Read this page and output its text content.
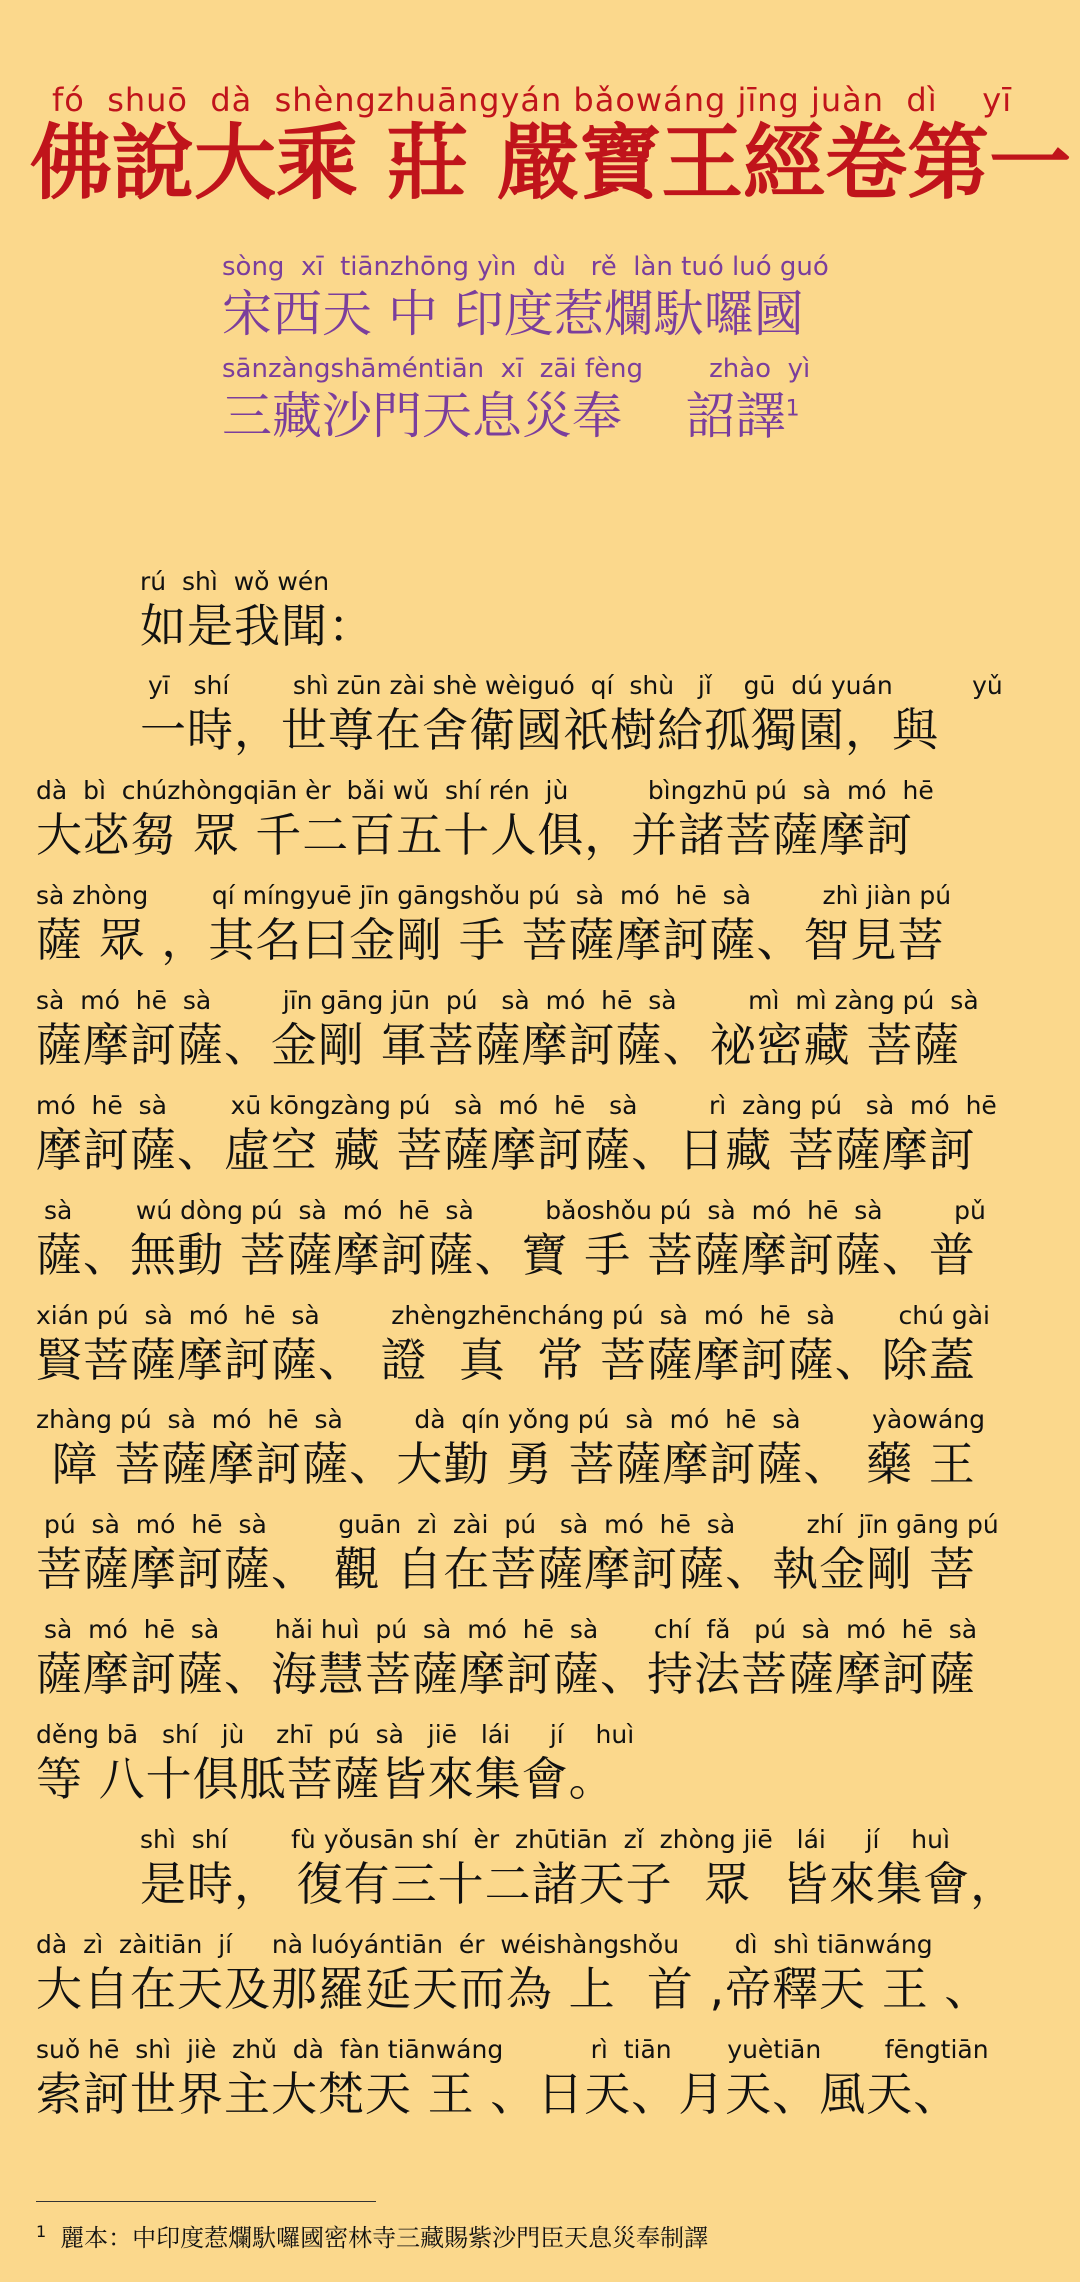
fó  shuō  dà  shèngzhuāngyán bǎowáng jīng juàn  dì    yī
佛說大乘 莊 嚴寶王經卷第一
sòng  xī  tiānzhōng yìn  dù   rě  làn tuó luó guó
宋西天 中 印度惹爛馱囉國
sānzàngshāméntiān  xī  zāi fèng        zhào  yì
三藏沙門天息災奉    詔譯$^1$
rú  shì  wǒ wén
如是我聞：
yī   shí        shì zūn zài shè wèiguó  qí  shù   jǐ    gū  dú yuán          yǔ
一時，世尊在舍衛國祇樹給孤獨園，與
dà  bì  chúzhòngqiān èr  bǎi wǔ  shí rén  jù          bìngzhū pú  sà  mó  hē
大苾芻 眾 千二百五十人俱，并諸菩薩摩訶
sà zhòng        qí míngyuē jīn gāngshǒu pú  sà  mó  hē  sà         zhì jiàn pú
薩 眾 ，其名曰金剛 手 菩薩摩訶薩、智見菩
sà  mó  hē  sà         jīn gāng jūn  pú   sà  mó  hē  sà         mì  mì zàng pú  sà
薩摩訶薩、金剛 軍菩薩摩訶薩、祕密藏 菩薩
mó  hē  sà        xū kōngzàng pú   sà  mó  hē   sà         rì  zàng pú   sà  mó  hē
摩訶薩、虛空 藏 菩薩摩訶薩、日藏 菩薩摩訶
sà        wú dòng pú  sà  mó  hē  sà         bǎoshǒu pú  sà  mó  hē  sà         pǔ
薩、無動 菩薩摩訶薩、寶 手 菩薩摩訶薩、普
xián pú  sà  mó  hē  sà         zhèngzhēncháng pú  sà  mó  hē  sà        chú gài
賢菩薩摩訶薩、 證  真  常 菩薩摩訶薩、除蓋
zhàng pú  sà  mó  hē  sà         dà  qín yǒng pú  sà  mó  hē  sà         yàowáng
障 菩薩摩訶薩、大勤 勇 菩薩摩訶薩、 藥 王
pú  sà  mó  hē  sà         guān  zì  zài  pú   sà  mó  hē  sà         zhí  jīn gāng pú
菩薩摩訶薩、 觀 自在菩薩摩訶薩、執金剛 菩
sà  mó  hē  sà       hǎi huì  pú  sà  mó  hē  sà       chí  fǎ   pú  sà  mó  hē  sà
薩摩訶薩、海慧菩薩摩訶薩、持法菩薩摩訶薩
děng bā   shí   jù    zhī  pú  sà   jiē   lái     jí    huì
等 八十俱胝菩薩皆來集會。
shì  shí        fù yǒusān shí  èr  zhūtiān  zǐ  zhòng jiē   lái     jí    huì
是時， 復有三十二諸天子  眾  皆來集會，
dà  zì  zàitiān  jí     nà luóyántiān  ér  wéishàngshǒu       dì  shì tiānwáng
大自在天及那羅延天而為 上  首 ,帝釋天 王 、
suǒ hē  shì  jiè  zhǔ  dà  fàn tiānwáng           rì  tiān       yuètiān        fēngtiān
索訶世界主大梵天 王 、日天、月天、風天、
$^1$ 麗本：中印度惹爛馱囉國密林寺三藏賜紫沙門臣天息災奉制譯
